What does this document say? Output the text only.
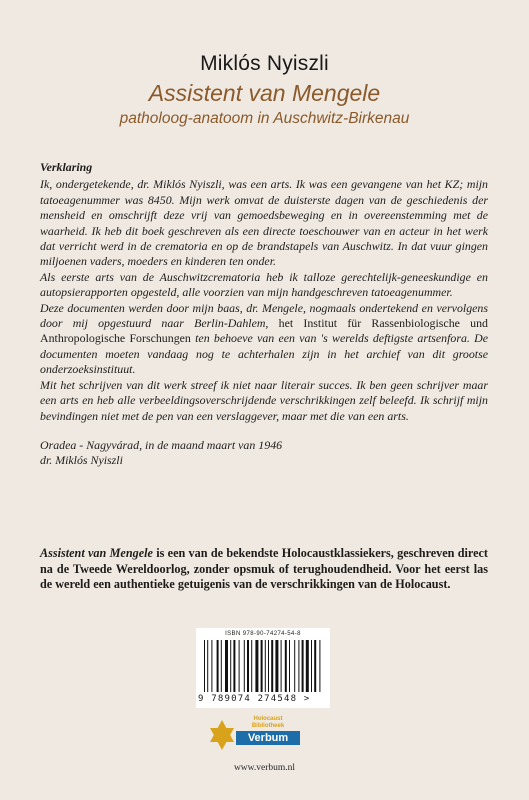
Miklós Nyiszli
Assistent van Mengele
patholoog-anatoom in Auschwitz-Birkenau

Verklaring

Ik, ondergetekende, dr. Miklós Nyiszli, was een arts. Ik was een gevangene van het KZ; mijn tatoeagenummer was 8450. Mijn werk omvat de duisterste dagen van de geschiedenis der mensheid en omschrijft deze vrij van gemoedsbeweging en in overeenstemming met de waarheid. Ik heb dit boek geschreven als een directe toeschouwer van en acteur in het werk dat verricht werd in de crematoria en op de brandstapels van Auschwitz. In dat vuur gingen miljoenen vaders, moeders en kinderen ten onder.

Als eerste arts van de Auschwitzcrematoria heb ik talloze gerechtelijk-geneeskundige en autopsierapporten opgesteld, alle voorzien van mijn handgeschreven tatoeagenummer.

Deze documenten werden door mijn baas, dr. Mengele, nogmaals ondertekend en vervolgens door mij opgestuurd naar Berlin-Dahlem, het Institut für Rassenbiologische und Anthropologische Forschungen ten behoeve van een van 's werelds deftigste artsenfora. De documenten moeten vandaag nog te achterhalen zijn in het archief van dit grootse onderzoeksinstituut.

Mit het schrijven van dit werk streef ik niet naar literair succes. Ik ben geen schrijver maar een arts en heb alle verbeeldingsoverschrijdende verschrikkingen zelf beleefd. Ik schrijf mijn bevindingen niet met de pen van een verslaggever, maar met die van een arts.

Oradea - Nagyvárad, in de maand maart van 1946

dr. Miklós Nyiszli

Assistent van Mengele is een van de bekendste Holocaustklassiekers, geschreven direct na de Tweede Wereldoorlog, zonder opsmuk of terughoudendheid. Voor het eerst las de wereld een authentieke getuigenis van de verschrikkingen van de Holocaust.
ISBN 978-90-74274-54-8
9 789074 274548 >
Holocaust
Bibliotheek
Verbum
www.verbum.nl
